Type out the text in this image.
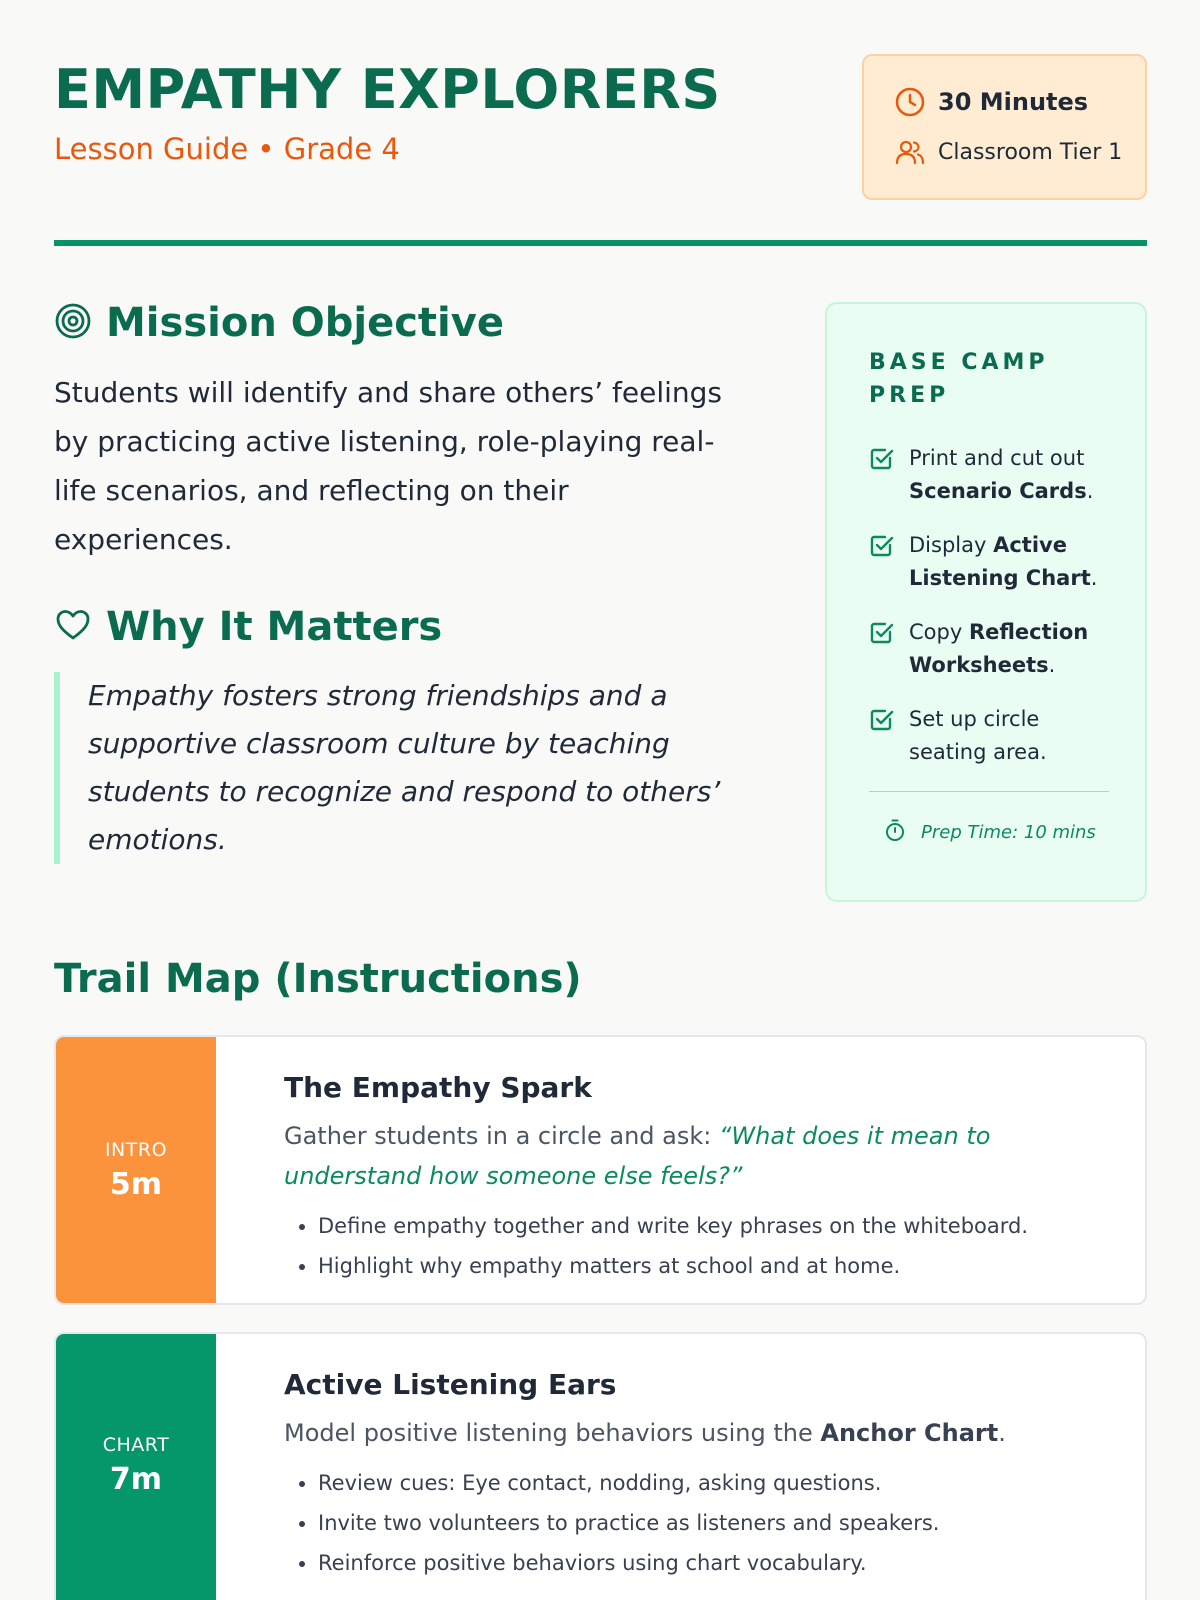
EMPATHY EXPLORERS
Lesson Guide • Grade 4
30 Minutes
Classroom Tier 1
Mission Objective

Students will identify and share others’ feelings by practicing active listening, role-playing real-life scenarios, and reflecting on their experiences.

Why It Matters

Empathy fosters strong friendships and a supportive classroom culture by teaching students to recognize and respond to others’ emotions.

BASE CAMP PREP
Print and cut out Scenario Cards.
Display Active Listening Chart.
Copy Reflection Worksheets.
Set up circle seating area.
Prep Time: 10 mins
Trail Map (Instructions)
INTRO
5m
The Empathy Spark

Gather students in a circle and ask: “What does it mean to understand how someone else feels?”

• Define empathy together and write key phrases on the whiteboard.
• Highlight why empathy matters at school and at home.
CHART
7m
Active Listening Ears

Model positive listening behaviors using the Anchor Chart.

• Review cues: Eye contact, nodding, asking questions.
• Invite two volunteers to practice as listeners and speakers.
• Reinforce positive behaviors using chart vocabulary.
